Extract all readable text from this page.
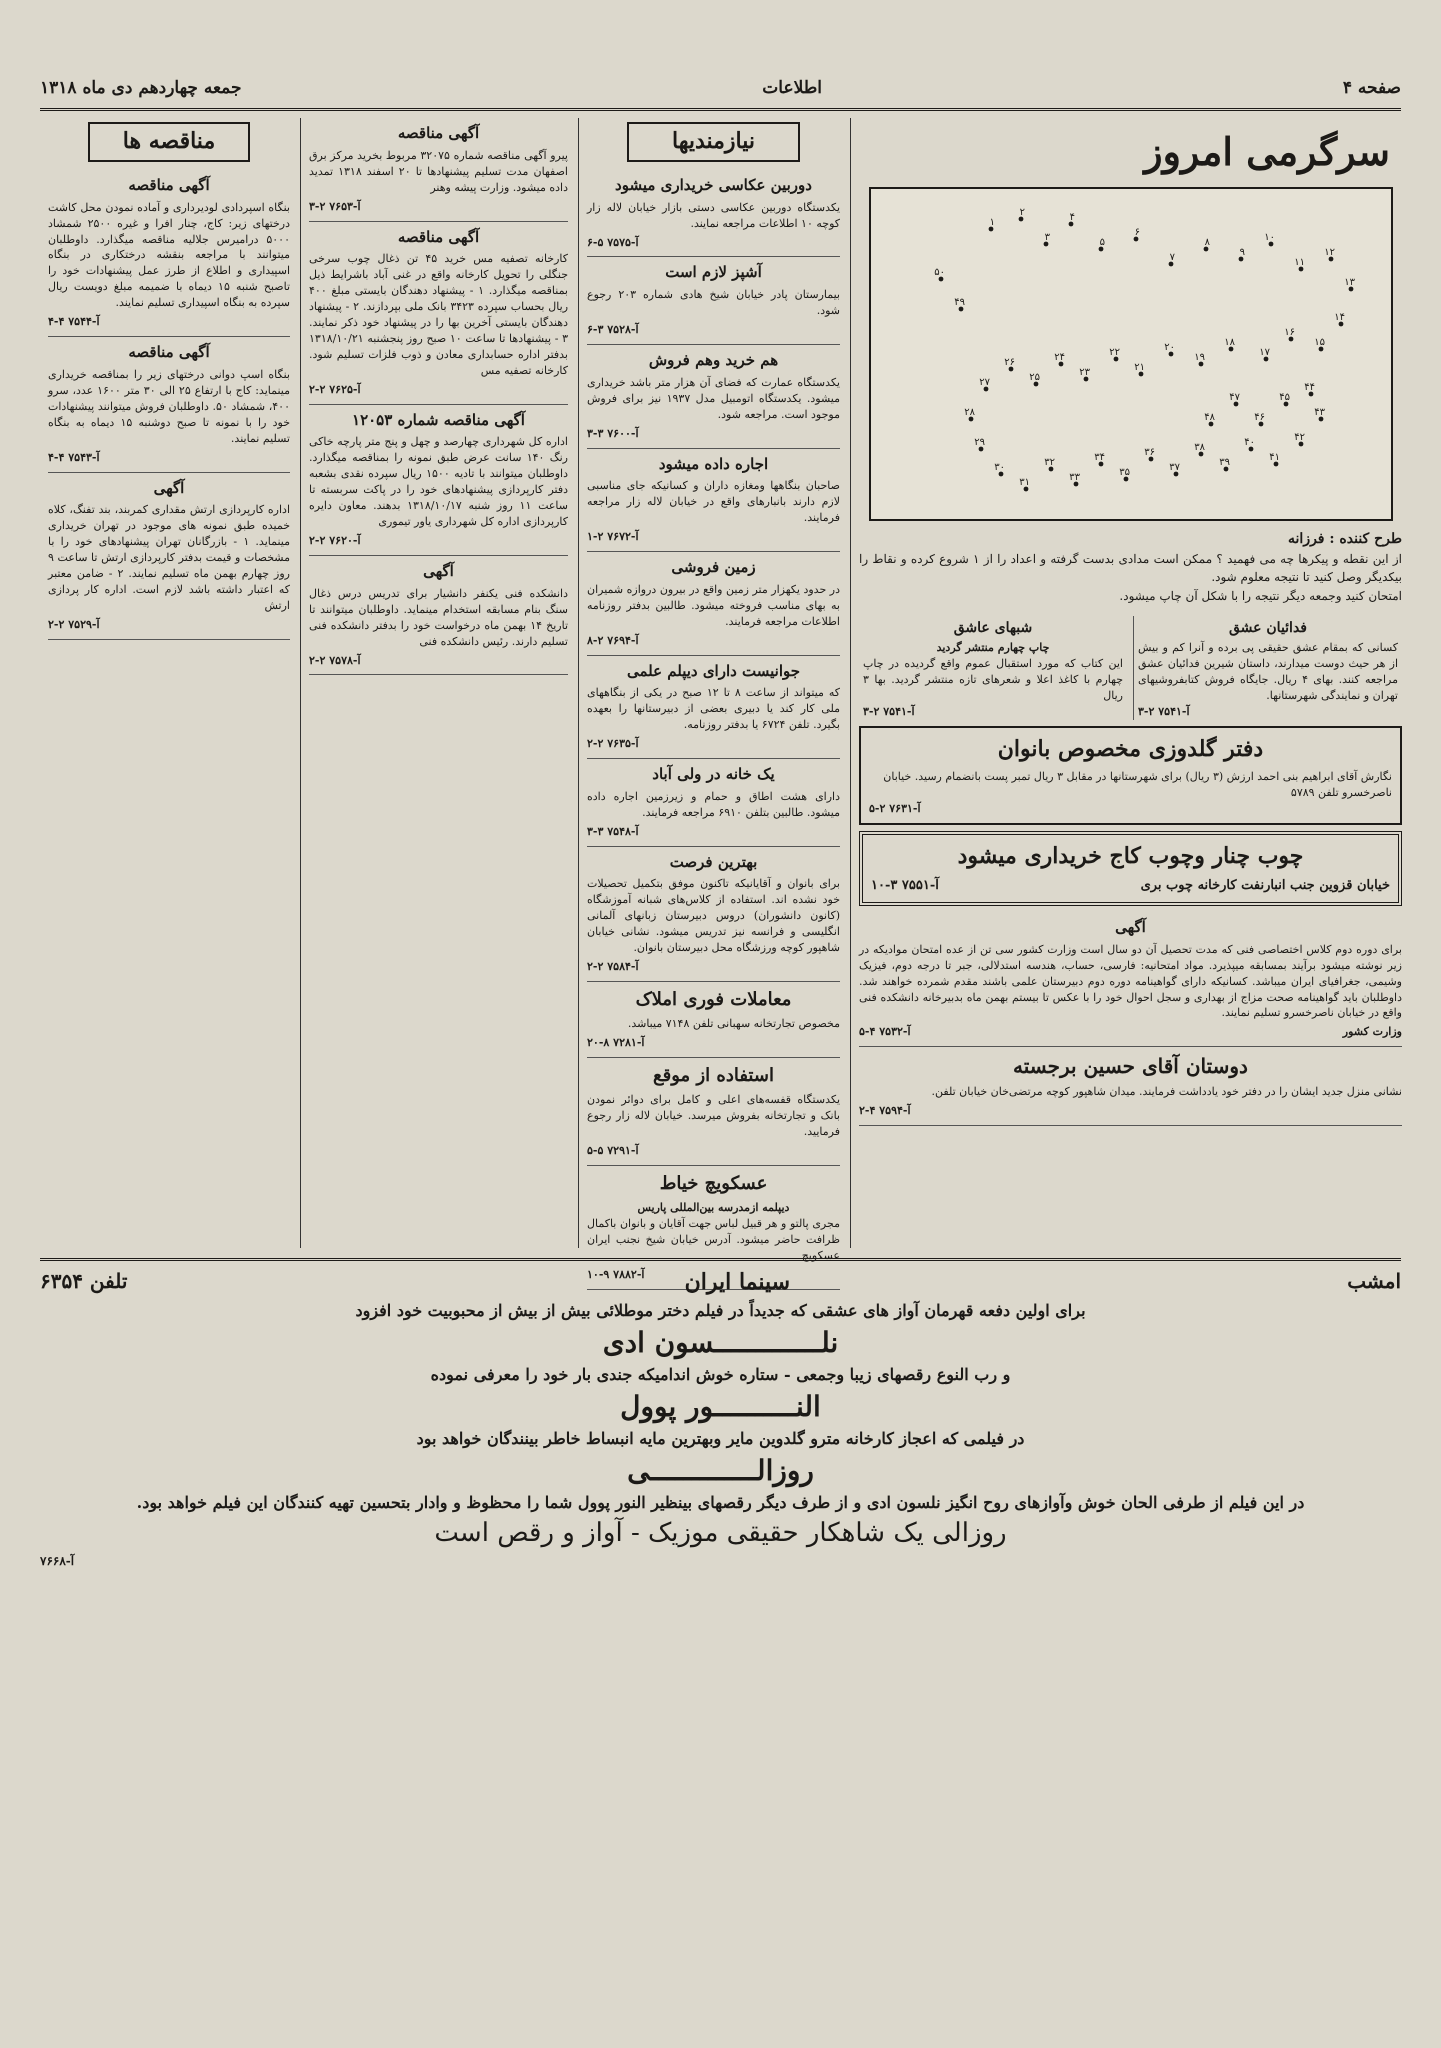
صفحه ۴
اطلاعات
جمعه چهاردهم دی ماه ۱۳۱۸
سرگرمی امروز
۱
۲
۳
۴
۵
۶
۷
۸
۹
۱۰
۱۱
۱۲
۱۳
۱۴
۱۵
۱۶
۱۷
۱۸
۱۹
۲۰
۲۱
۲۲
۲۳
۲۴
۲۵
۲۶
۲۷
۲۸
۲۹
۳۰
۳۱
۳۲
۳۳
۳۴
۳۵
۳۶
۳۷
۳۸
۳۹
۴۰
۴۱
۴۲
۴۳
۴۴
۴۵
۴۶
۴۷
۴۸
۴۹
۵۰
طرح کننده : فرزانه

از این نقطه و پیکرها چه می فهمید ؟ ممکن است مدادی بدست گرفته و اعداد را از ۱ شروع کرده و نقاط را بیکدیگر وصل کنید تا نتیجه معلوم شود.

امتحان کنید وجمعه دیگر نتیجه را با شکل آن چاپ میشود.

فدائیان عشق

کسانی که بمقام عشق حقیقی پی برده و آنرا کم و بیش از هر حیث دوست میدارند، داستان شیرین فدائیان عشق مراجعه کنند. بهای ۴ ریال. جایگاه فروش کتابفروشیهای تهران و نمایندگی شهرستانها.

آ-۷۵۴۱ ۲-۳
شبهای عاشق
چاپ چهارم منتشر گردید

این کتاب که مورد استقبال عموم واقع گردیده در چاپ چهارم با کاغذ اعلا و شعرهای تازه منتشر گردید. بها ۳ ریال

آ-۷۵۴۱ ۲-۳
دفتر گلدوزی مخصوص بانوان

نگارش آقای ابراهیم بنی احمد ارزش (۳ ریال) برای شهرستانها در مقابل ۳ ریال تمبر پست بانضمام رسید. خیابان ناصرخسرو تلفن ۵۷۸۹

آ-۷۶۳۱ ۲-۵
چوب چنار وچوب کاج خریداری میشود
خیابان قزوین جنب انبارنفت کارخانه چوب بری
آ-۷۵۵۱ ۳-۱۰
آگهی

برای دوره دوم کلاس اختصاصی فنی که مدت تحصیل آن دو سال است وزارت کشور سی تن از عده امتحان موادیکه در زیر نوشته میشود برآیند بمسابقه میپذیرد. مواد امتحانیه: فارسی، حساب، هندسه استدلالی، جبر تا درجه دوم، فیزیک وشیمی، جغرافیای ایران میباشد. کسانیکه دارای گواهینامه دوره دوم دبیرستان علمی باشند مقدم شمرده خواهند شد. داوطلبان باید گواهینامه صحت مزاج از بهداری و سجل احوال خود را با عکس تا بیستم بهمن ماه بدبیرخانه دانشکده فنی واقع در خیابان ناصرخسرو تسلیم نمایند.

وزارت کشور
آ-۷۵۳۲ ۴-۵
دوستان آقای حسین برجسته

نشانی منزل جدید ایشان را در دفتر خود یادداشت فرمایند. میدان شاهپور کوچه مرتضی‌خان خیابان تلفن.

آ-۷۵۹۴ ۴-۲
نیازمندیها
دوربین عکاسی خریداری میشود

یکدستگاه دوربین عکاسی دستی بازار خیابان لاله زار کوچه ۱۰ اطلاعات مراجعه نمایند.

آ-۷۵۷۵ ۵-۶
آشپز لازم است

بیمارستان پادر خیابان شیخ هادی شماره ۲۰۳ رجوع شود.

آ-۷۵۲۸ ۳-۶
هم خرید وهم فروش

یکدستگاه عمارت که فضای آن هزار متر باشد خریداری میشود. یکدستگاه اتومبیل مدل ۱۹۳۷ نیز برای فروش موجود است. مراجعه شود.

آ-۷۶۰۰ ۳-۳
اجاره داده میشود

صاحبان بنگاهها ومغازه داران و کسانیکه جای مناسبی لازم دارند بانبارهای واقع در خیابان لاله زار مراجعه فرمایند.

آ-۷۶۷۲ ۲-۱
زمین فروشی

در حدود یکهزار متر زمین واقع در بیرون دروازه شمیران به بهای مناسب فروخته میشود. طالبین بدفتر روزنامه اطلاعات مراجعه فرمایند.

آ-۷۶۹۴ ۲-۸
جوانیست دارای دیپلم علمی

که میتواند از ساعت ۸ تا ۱۲ صبح در یکی از بنگاههای ملی کار کند یا دبیری بعضی از دبیرستانها را بعهده بگیرد. تلفن ۶۷۲۴ یا بدفتر روزنامه.

آ-۷۶۳۵ ۲-۲
یک خانه در ولی آباد

دارای هشت اطاق و حمام و زیرزمین اجاره داده میشود. طالبین بتلفن ۶۹۱۰ مراجعه فرمایند.

آ-۷۵۴۸ ۳-۳
بهترین فرصت

برای بانوان و آقایانیکه تاکنون موفق بتکمیل تحصیلات خود نشده اند. استفاده از کلاس‌های شبانه آموزشگاه (کانون دانشوران) دروس دبیرستان زبانهای آلمانی انگلیسی و فرانسه نیز تدریس میشود. نشانی خیابان شاهپور کوچه ورزشگاه محل دبیرستان بانوان.

آ-۷۵۸۴ ۲-۲
معاملات فوری املاک

مخصوص تجارتخانه سهبانی تلفن ۷۱۴۸ میباشد.

آ-۷۲۸۱ ۸-۲۰
استفاده از موقع

یکدستگاه قفسه‌های اعلی و کامل برای دوائر نمودن بانک و تجارتخانه بفروش میرسد. خیابان لاله زار رجوع فرمایید.

آ-۷۲۹۱ ۵-۵
عسکویچ خیاط
دیپلمه ازمدرسه بین‌المللی پاریس

مجری پالتو و هر قبیل لباس جهت آقایان و بانوان باکمال ظرافت حاضر میشود. آدرس خیابان شیخ نجنب ایران عسکویچ

آ-۷۸۸۲ ۹-۱۰
آگهی مناقصه

پیرو آگهی مناقصه شماره ۳۲۰۷۵ مربوط بخرید مرکز برق اصفهان مدت تسلیم پیشنهادها تا ۲۰ اسفند ۱۳۱۸ تمدید داده میشود. وزارت پیشه وهنر

آ-۷۶۵۳ ۲-۳
آگهی مناقصه

کارخانه تصفیه مس خرید ۴۵ تن ذغال چوب سرخی جنگلی را تحویل کارخانه واقع در غنی آباد باشرایط ذیل بمناقصه میگذارد. ۱ - پیشنهاد دهندگان بایستی مبلغ ۴۰۰ ریال بحساب سپرده ۳۴۲۳ بانک ملی بپردازند. ۲ - پیشنهاد دهندگان بایستی آخرین بها را در پیشنهاد خود ذکر نمایند. ۳ - پیشنهادها تا ساعت ۱۰ صبح روز پنجشنبه ۱۳۱۸/۱۰/۲۱ بدفتر اداره حسابداری معادن و ذوب فلزات تسلیم شود. کارخانه تصفیه مس

آ-۷۶۲۵ ۲-۲
آگهی مناقصه شماره ۱۲۰۵۳

اداره کل شهرداری چهارصد و چهل و پنج متر پارچه خاکی رنگ ۱۴۰ سانت عرض طبق نمونه را بمناقصه میگذارد. داوطلبان میتوانند با تادیه ۱۵۰۰ ریال سپرده نقدی بشعبه دفتر کارپردازی پیشنهادهای خود را در پاکت سربسته تا ساعت ۱۱ روز شنبه ۱۳۱۸/۱۰/۱۷ بدهند. معاون دایره کارپردازی اداره کل شهرداری یاور تیموری

آ-۷۶۲۰ ۲-۲
آگهی

دانشکده فنی یکنفر دانشیار برای تدریس درس ذغال سنگ بنام مسابقه استخدام مینماید. داوطلبان میتوانند تا تاریخ ۱۴ بهمن ماه درخواست خود را بدفتر دانشکده فنی تسلیم دارند. رئیس دانشکده فنی

آ-۷۵۷۸ ۲-۲
مناقصه ها
آگهی مناقصه

بنگاه اسپردادی لودیرداری و آماده نمودن محل کاشت درختهای زیر: کاج، چنار افرا و غیره ۲۵۰۰ شمشاد ۵۰۰۰ درامیرس جلالیه مناقصه میگذارد. داوطلبان میتوانند با مراجعه بنقشه درختکاری در بنگاه اسپیداری و اطلاع از طرز عمل پیشنهادات خود را تاصبح شنبه ۱۵ دیماه با ضمیمه مبلغ دویست ریال سپرده به بنگاه اسپیداری تسلیم نمایند.

آ-۷۵۴۴ ۴-۴
آگهی مناقصه

بنگاه اسپ دوانی درختهای زیر را بمناقصه خریداری مینماید: کاج با ارتفاع ۲۵ الی ۳۰ متر ۱۶۰۰ عدد، سرو ۴۰۰، شمشاد ۵۰. داوطلبان فروش میتوانند پیشنهادات خود را با نمونه تا صبح دوشنبه ۱۵ دیماه به بنگاه تسلیم نمایند.

آ-۷۵۴۳ ۴-۴
آگهی

اداره کارپردازی ارتش مقداری کمربند، بند تفنگ، کلاه خمیده طبق نمونه های موجود در تهران خریداری مینماید. ۱ - بازرگانان تهران پیشنهادهای خود را با مشخصات و قیمت بدفتر کارپردازی ارتش تا ساعت ۹ روز چهارم بهمن ماه تسلیم نمایند. ۲ - ضامن معتبر که اعتبار داشته باشد لازم است. اداره کار پردازی ارتش

آ-۷۵۲۹ ۲-۲
امشب
سینما ایران
تلفن ۶۳۵۴

برای اولین دفعه قهرمان آواز های عشقی که جدیداً در فیلم دختر موطلائی بیش از بیش از محبوبیت خود افزود

نلـــــــــــــسون ادی

و رب النوع رقصهای زیبا وجمعی - ستاره خوش اندامیکه جندی بار خود را معرفی نموده

النــــــــــور پوول

در فیلمی که اعجاز کارخانه مترو گلدوین مایر وبهترین مایه انبساط خاطر بینندگان خواهد بود

روزالـــــــــــــی

در این فیلم از طرفی الحان خوش وآوازهای روح انگیز نلسون ادی و از طرف دیگر رقصهای بینظیر النور پوول شما را محظوظ و وادار بتحسین تهیه کنندگان این فیلم خواهد بود.

روزالی یک شاهکار حقیقی موزیک - آواز و رقص است

آ-۷۶۶۸
